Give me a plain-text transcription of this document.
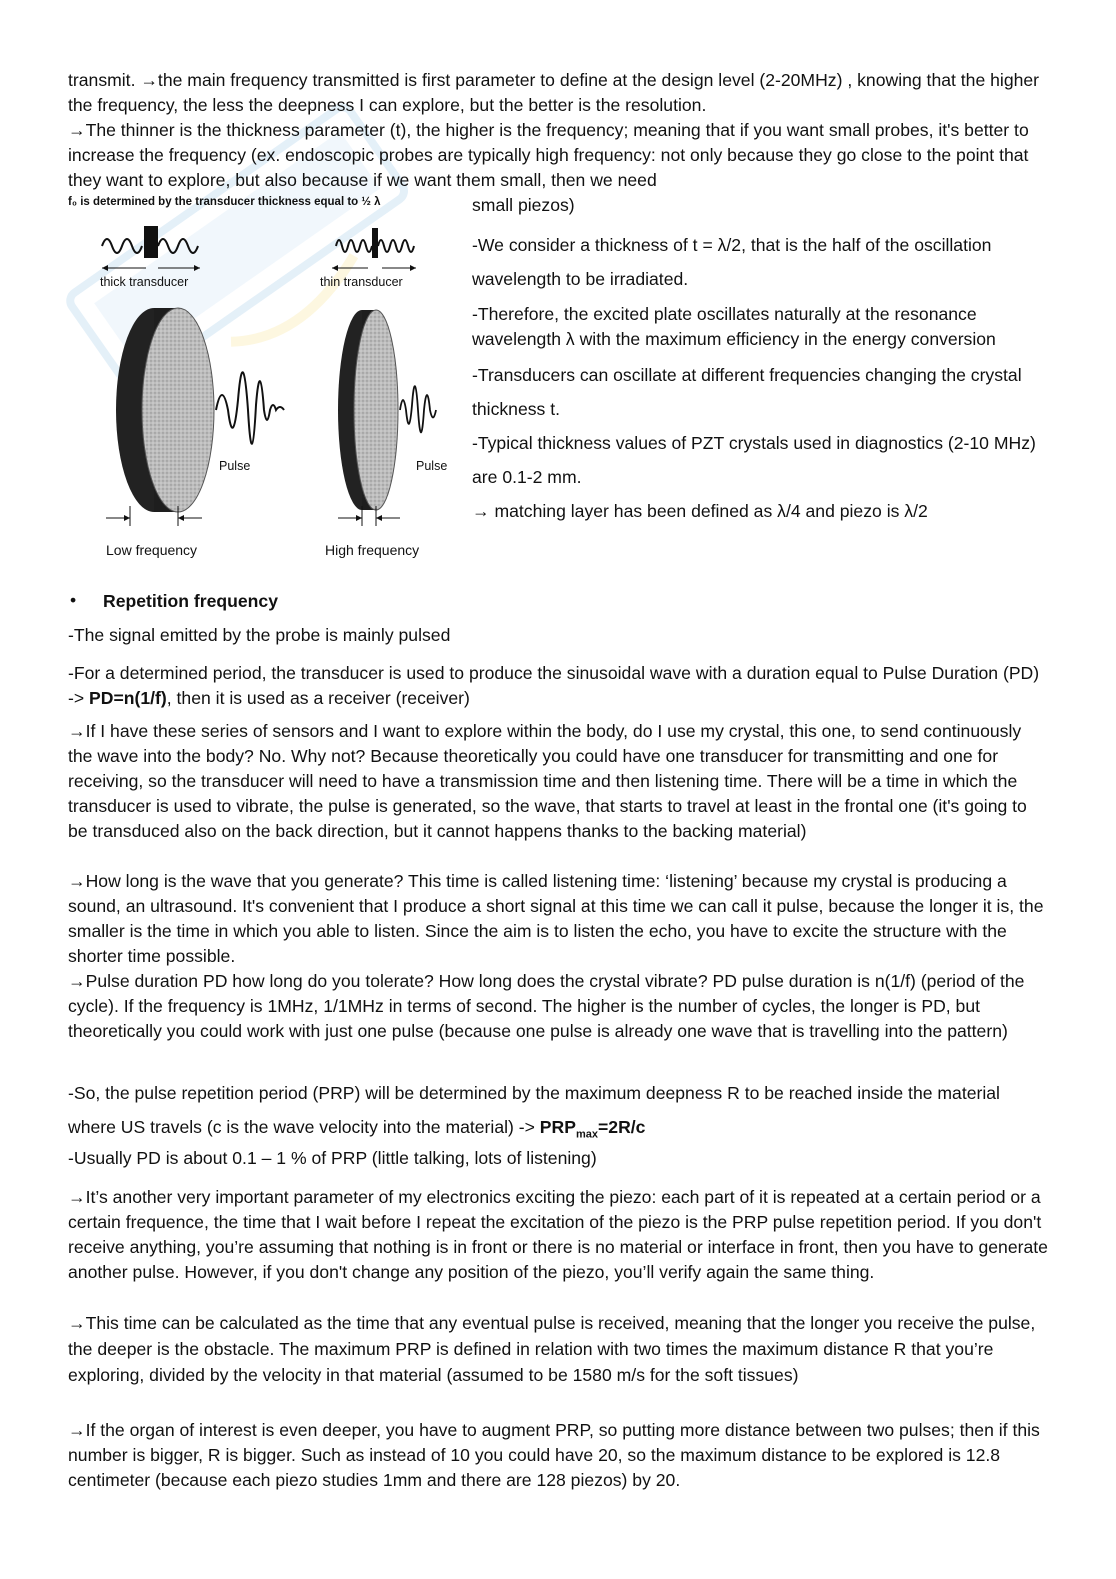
transmit. →the main frequency transmitted is first parameter to define at the design level (2-20MHz) , knowing that the higher the frequency, the less the deepness I can explore, but the better is the resolution.

→The thinner is the thickness parameter (t), the higher is the frequency; meaning that if you want small probes, it's better to increase the frequency (ex. endoscopic probes are typically high frequency: not only because they go close to the point that they want to explore, but also because if we want them small, then we need

f₀ is determined by the transducer thickness equal to ½ λ
thick transducer	thin transducer
Pulse	Pulse
Low frequency	High frequency

small piezos)

-We consider a thickness of t = λ/2, that is the half of the oscillation wavelength to be irradiated.

-Therefore, the excited plate oscillates naturally at the resonance wavelength λ with the maximum efficiency in the energy conversion

-Transducers can oscillate at different frequencies changing the crystal thickness t.

-Typical thickness values of PZT crystals used in diagnostics (2-10 MHz) are 0.1-2 mm.

→ matching layer has been defined as λ/4 and piezo is λ/2

• Repetition frequency

-The signal emitted by the probe is mainly pulsed

-For a determined period, the transducer is used to produce the sinusoidal wave with a duration equal to Pulse Duration (PD) -> PD=n(1/f), then it is used as a receiver (receiver)

→If I have these series of sensors and I want to explore within the body, do I use my crystal, this one, to send continuously the wave into the body? No. Why not? Because theoretically you could have one transducer for transmitting and one for receiving, so the transducer will need to have a transmission time and then listening time. There will be a time in which the transducer is used to vibrate, the pulse is generated, so the wave, that starts to travel at least in the frontal one (it's going to be transduced also on the back direction, but it cannot happens thanks to the backing material)

→How long is the wave that you generate? This time is called listening time: ‘listening’ because my crystal is producing a sound, an ultrasound. It's convenient that I produce a short signal at this time we can call it pulse, because the longer it is, the smaller is the time in which you able to listen. Since the aim is to listen the echo, you have to excite the structure with the shorter time possible.

→Pulse duration PD how long do you tolerate? How long does the crystal vibrate? PD pulse duration is n(1/f) (period of the cycle). If the frequency is 1MHz, 1/1MHz in terms of second. The higher is the number of cycles, the longer is PD, but theoretically you could work with just one pulse (because one pulse is already one wave that is travelling into the pattern)

-So, the pulse repetition period (PRP) will be determined by the maximum deepness R to be reached inside the material where US travels (c is the wave velocity into the material) -> $PRP_{max}=2R/c$

-Usually PD is about 0.1 – 1 % of PRP (little talking, lots of listening)

→It’s another very important parameter of my electronics exciting the piezo: each part of it is repeated at a certain period or a certain frequence, the time that I wait before I repeat the excitation of the piezo is the PRP pulse repetition period. If you don't receive anything, you’re assuming that nothing is in front or there is no material or interface in front, then you have to generate another pulse. However, if you don't change any position of the piezo, you’ll verify again the same thing.

→This time can be calculated as the time that any eventual pulse is received, meaning that the longer you receive the pulse, the deeper is the obstacle. The maximum PRP is defined in relation with two times the maximum distance R that you’re exploring, divided by the velocity in that material (assumed to be 1580 m/s for the soft tissues)

→If the organ of interest is even deeper, you have to augment PRP, so putting more distance between two pulses; then if this number is bigger, R is bigger. Such as instead of 10 you could have 20, so the maximum distance to be explored is 12.8 centimeter (because each piezo studies 1mm and there are 128 piezos) by 20.
